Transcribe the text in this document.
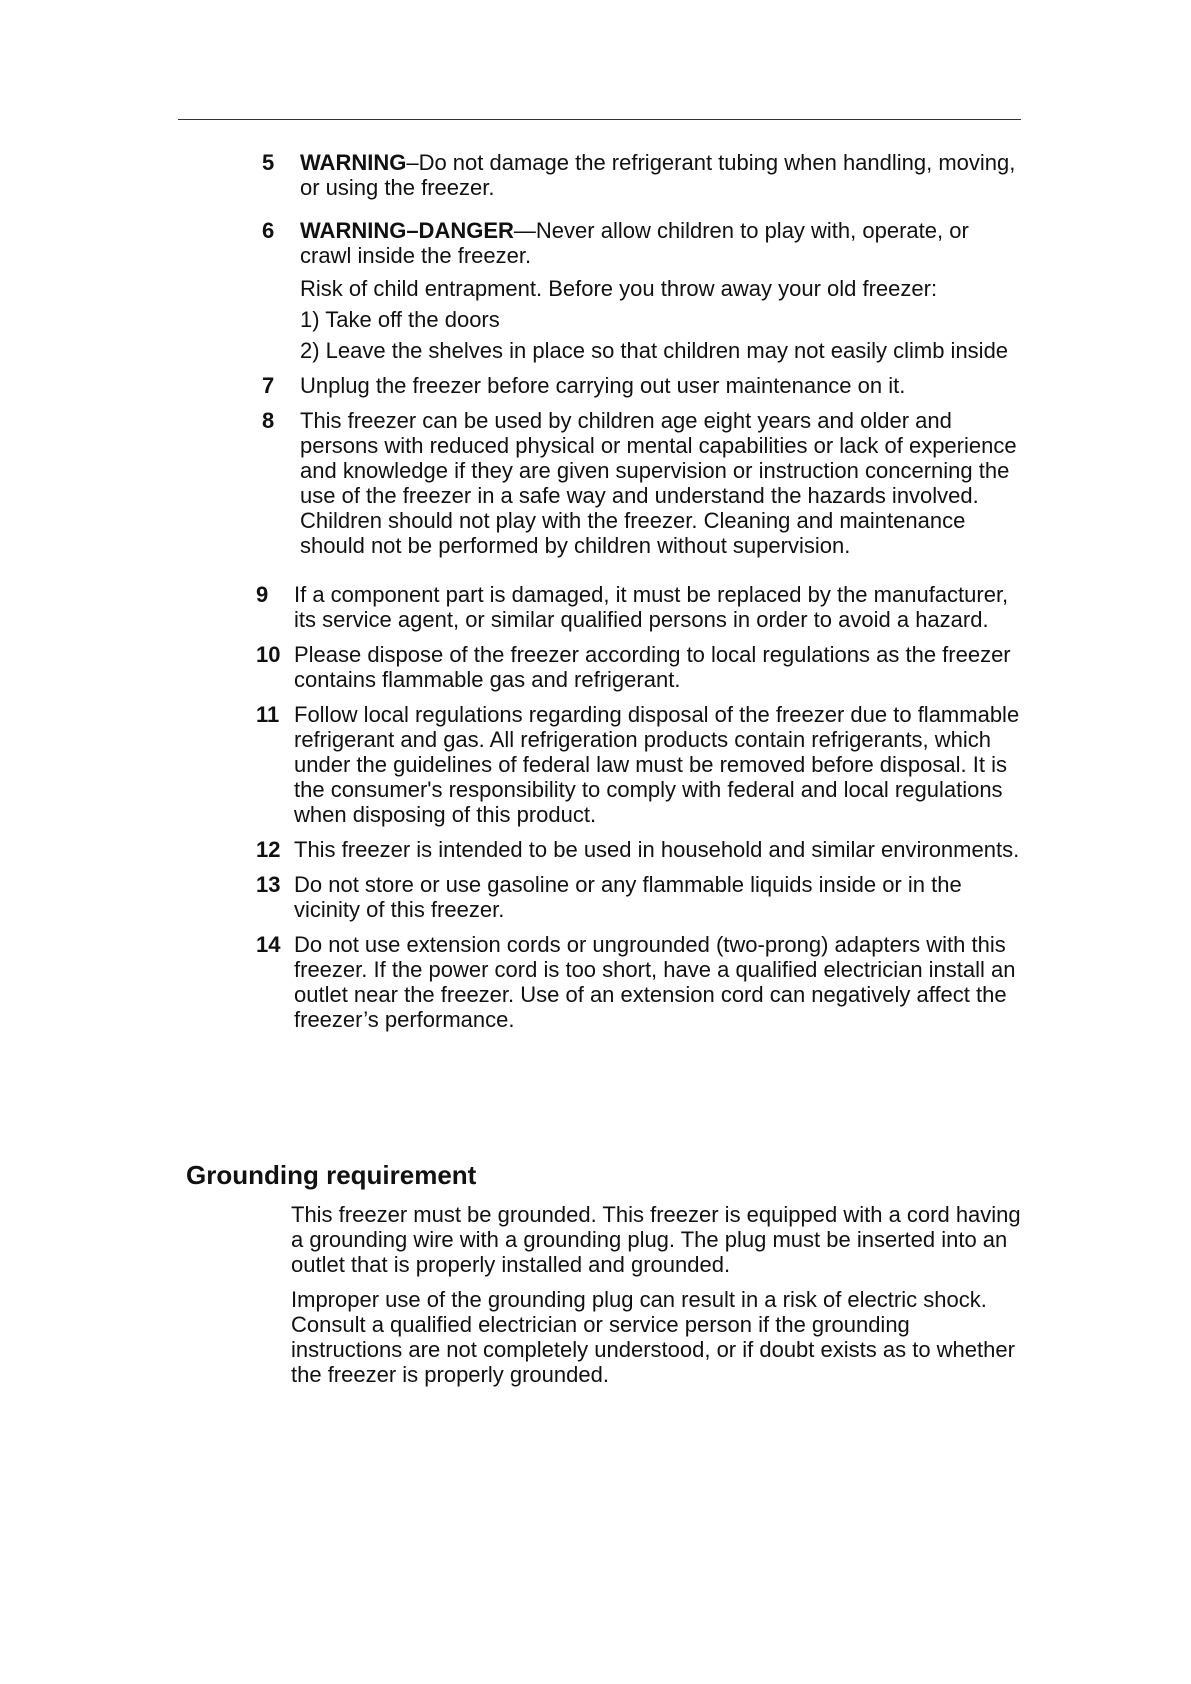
5	WARNING–Do not damage the refrigerant tubing when handling, moving, or using the freezer.

6	WARNING–DANGER—Never allow children to play with, operate, or crawl inside the freezer.

Risk of child entrapment. Before you throw away your old freezer:

1) Take off the doors

2) Leave the shelves in place so that children may not easily climb inside

7	Unplug the freezer before carrying out user maintenance on it.
8	This freezer can be used by children age eight years and older and persons with reduced physical or mental capabilities or lack of experience and knowledge if they are given supervision or instruction concerning the use of the freezer in a safe way and understand the hazards involved. Children should not play with the freezer. Cleaning and maintenance should not be performed by children without supervision.
9	If a component part is damaged, it must be replaced by the manufacturer, its service agent, or similar qualified persons in order to avoid a hazard.
10 Please dispose of the freezer according to local regulations as the freezer contains flammable gas and refrigerant.
11 Follow local regulations regarding disposal of the freezer due to flammable refrigerant and gas. All refrigeration products contain refrigerants, which under the guidelines of federal law must be removed before disposal. It is the consumer's responsibility to comply with federal and local regulations when disposing of this product.
12 This freezer is intended to be used in household and similar environments.
13 Do not store or use gasoline or any flammable liquids inside or in the vicinity of this freezer.
14 Do not use extension cords or ungrounded (two-prong) adapters with this freezer. If the power cord is too short, have a qualified electrician install an outlet near the freezer. Use of an extension cord can negatively affect the freezer’s performance.
Grounding requirement

This freezer must be grounded. This freezer is equipped with a cord having a grounding wire with a grounding plug. The plug must be inserted into an outlet that is properly installed and grounded.

Improper use of the grounding plug can result in a risk of electric shock. Consult a qualified electrician or service person if the grounding instructions are not completely understood, or if doubt exists as to whether the freezer is properly grounded.
